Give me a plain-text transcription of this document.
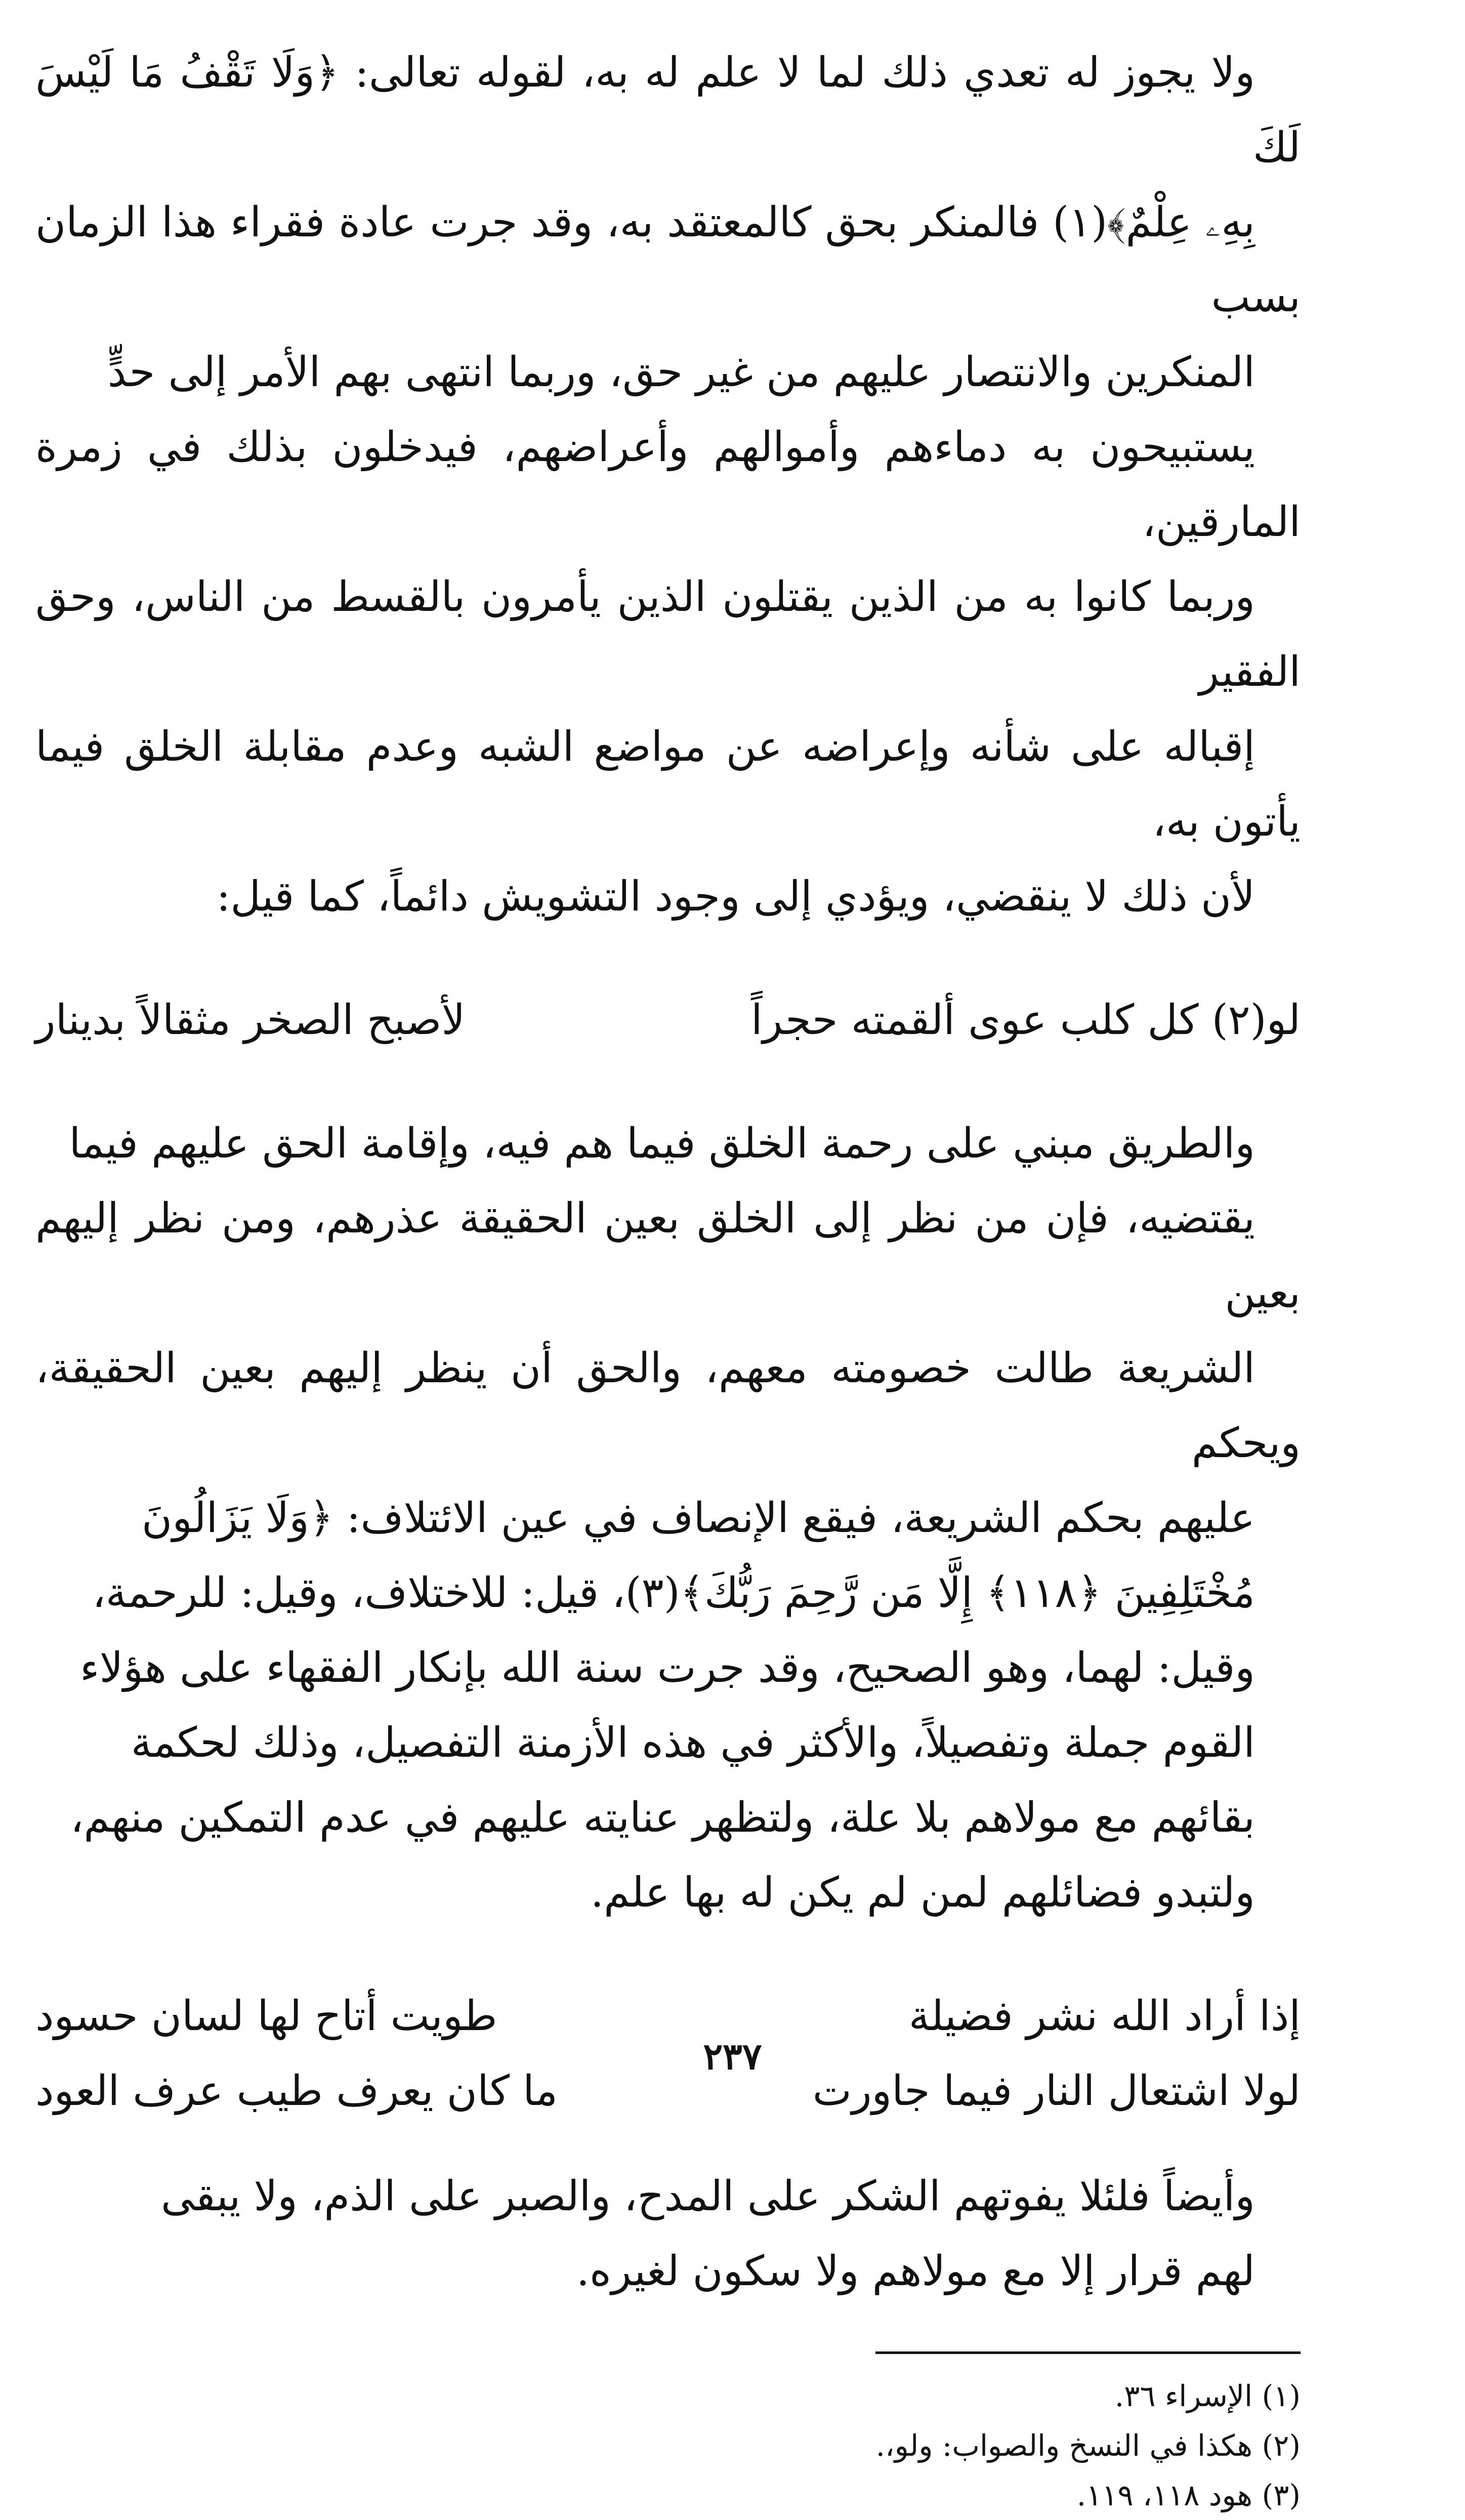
ولا يجوز له تعدي ذلك لما لا علم له به، لقوله تعالى: ﴿وَلَا تَقْفُ مَا لَيْسَ لَكَ

بِهِۦ عِلْمٌ﴾(١) فالمنكر بحق كالمعتقد به، وقد جرت عادة فقراء هذا الزمان بسب

المنكرين والانتصار عليهم من غير حق، وربما انتهى بهم الأمر إلى حدٍّ

يستبيحون به دماءهم وأموالهم وأعراضهم، فيدخلون بذلك في زمرة المارقين،

وربما كانوا به من الذين يقتلون الذين يأمرون بالقسط من الناس، وحق الفقير

إقباله على شأنه وإعراضه عن مواضع الشبه وعدم مقابلة الخلق فيما يأتون به،

لأن ذلك لا ينقضي، ويؤدي إلى وجود التشويش دائماً، كما قيل:

لو(٢) كل كلب عوى ألقمته حجراً
لأصبح الصخر مثقالاً بدينار

والطريق مبني على رحمة الخلق فيما هم فيه، وإقامة الحق عليهم فيما

يقتضيه، فإن من نظر إلى الخلق بعين الحقيقة عذرهم، ومن نظر إليهم بعين

الشريعة طالت خصومته معهم، والحق أن ينظر إليهم بعين الحقيقة، ويحكم

عليهم بحكم الشريعة، فيقع الإنصاف في عين الائتلاف: ﴿وَلَا يَزَالُونَ

مُخْتَلِفِينَ ﴿١١٨﴾ إِلَّا مَن رَّحِمَ رَبُّكَ﴾(٣)، قيل: للاختلاف، وقيل: للرحمة،

وقيل: لهما، وهو الصحيح، وقد جرت سنة الله بإنكار الفقهاء على هؤلاء

القوم جملة وتفصيلاً، والأكثر في هذه الأزمنة التفصيل، وذلك لحكمة

بقائهم مع مولاهم بلا علة، ولتظهر عنايته عليهم في عدم التمكين منهم،

ولتبدو فضائلهم لمن لم يكن له بها علم.

إذا أراد الله نشر فضيلة
طويت أتاح لها لسان حسود
لولا اشتعال النار فيما جاورت
ما كان يعرف طيب عرف العود

وأيضاً فلئلا يفوتهم الشكر على المدح، والصبر على الذم، ولا يبقى

لهم قرار إلا مع مولاهم ولا سكون لغيره.

(١) الإسراء ٣٦.
(٢) هكذا في النسخ والصواب: ولو،.
(٣) هود ١١٨، ١١٩.
٢٣٧
